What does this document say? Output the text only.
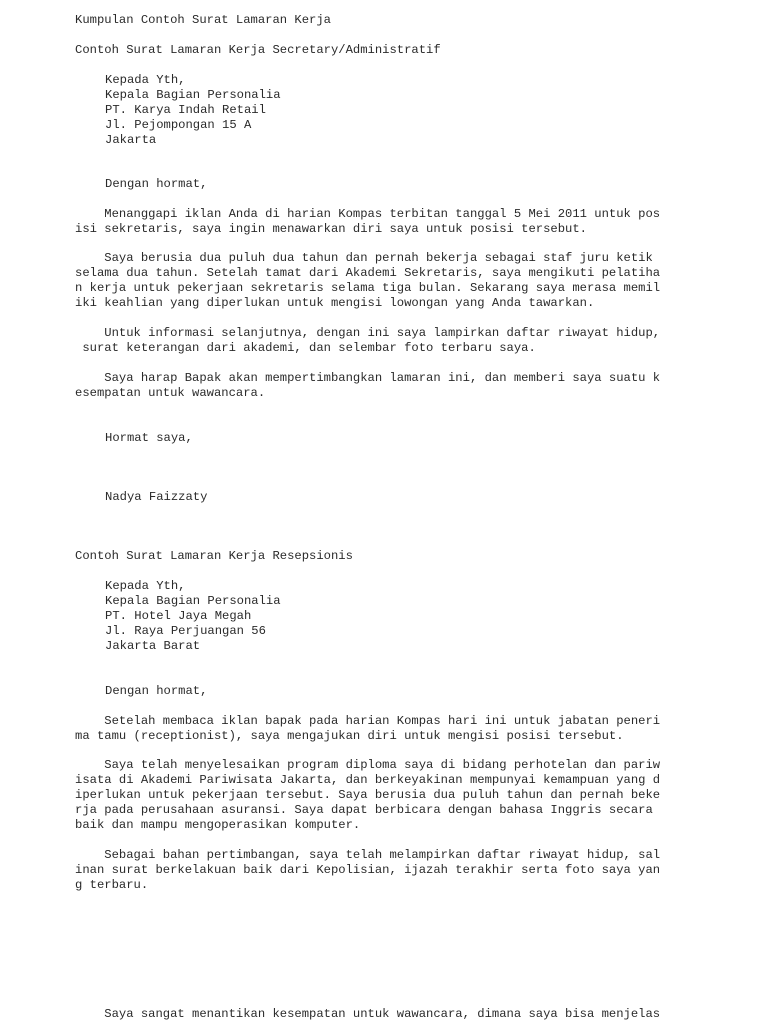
Kumpulan Contoh Surat Lamaran Kerja
Contoh Surat Lamaran Kerja Secretary/Administratif
Kepada Yth,
Kepala Bagian Personalia
PT. Karya Indah Retail
Jl. Pejompongan 15 A
Jakarta
Dengan hormat,
Menanggapi iklan Anda di harian Kompas terbitan tanggal 5 Mei 2011 untuk pos
isi sekretaris, saya ingin menawarkan diri saya untuk posisi tersebut.
Saya berusia dua puluh dua tahun dan pernah bekerja sebagai staf juru ketik
selama dua tahun. Setelah tamat dari Akademi Sekretaris, saya mengikuti pelatiha
n kerja untuk pekerjaan sekretaris selama tiga bulan. Sekarang saya merasa memil
iki keahlian yang diperlukan untuk mengisi lowongan yang Anda tawarkan.
Untuk informasi selanjutnya, dengan ini saya lampirkan daftar riwayat hidup,
surat keterangan dari akademi, dan selembar foto terbaru saya.
Saya harap Bapak akan mempertimbangkan lamaran ini, dan memberi saya suatu k
esempatan untuk wawancara.
Hormat saya,
Nadya Faizzaty
Contoh Surat Lamaran Kerja Resepsionis
Kepada Yth,
Kepala Bagian Personalia
PT. Hotel Jaya Megah
Jl. Raya Perjuangan 56
Jakarta Barat
Dengan hormat,
Setelah membaca iklan bapak pada harian Kompas hari ini untuk jabatan peneri
ma tamu (receptionist), saya mengajukan diri untuk mengisi posisi tersebut.
Saya telah menyelesaikan program diploma saya di bidang perhotelan dan pariw
isata di Akademi Pariwisata Jakarta, dan berkeyakinan mempunyai kemampuan yang d
iperlukan untuk pekerjaan tersebut. Saya berusia dua puluh tahun dan pernah beke
rja pada perusahaan asuransi. Saya dapat berbicara dengan bahasa Inggris secara
baik dan mampu mengoperasikan komputer.
Sebagai bahan pertimbangan, saya telah melampirkan daftar riwayat hidup, sal
inan surat berkelakuan baik dari Kepolisian, ijazah terakhir serta foto saya yan
g terbaru.
Saya sangat menantikan kesempatan untuk wawancara, dimana saya bisa menjelas
